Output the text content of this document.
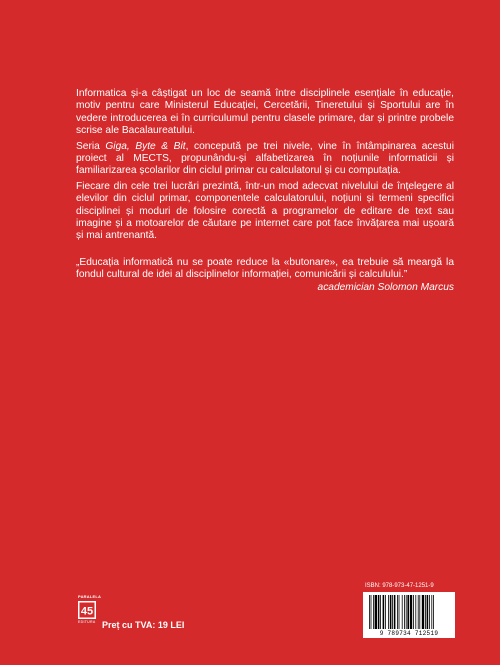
Informatica și-a câștigat un loc de seamă între disciplinele esențiale în educație, motiv pentru care Ministerul Educației, Cercetării, Tineretului și Sportului are în vedere introducerea ei în curriculumul pentru clasele primare, dar și printre probele scrise ale Bacalaureatului.

Seria Giga, Byte & Bit, concepută pe trei nivele, vine în întâmpinarea acestui proiect al MECTS, propunându-și alfabetizarea în noțiunile informaticii și familiarizarea școlarilor din ciclul primar cu calculatorul și cu computația.

Fiecare din cele trei lucrări prezintă, într-un mod adecvat nivelului de înțelegere al elevilor din ciclul primar, componentele calculatorului, noțiuni și termeni specifici disciplinei și moduri de folosire corectă a programelor de editare de text sau imagine și a motoarelor de căutare pe internet care pot face învățarea mai ușoară și mai antrenantă.

„Educația informatică nu se poate reduce la «butonare», ea trebuie să meargă la fondul cultural de idei al disciplinelor informației, comunicării și calculului.”
academician Solomon Marcus
ISBN: 978-973-47-1251-9
9 789734 712519
45
PARALELA
EDITURA Preț cu TVA: 19 LEI
